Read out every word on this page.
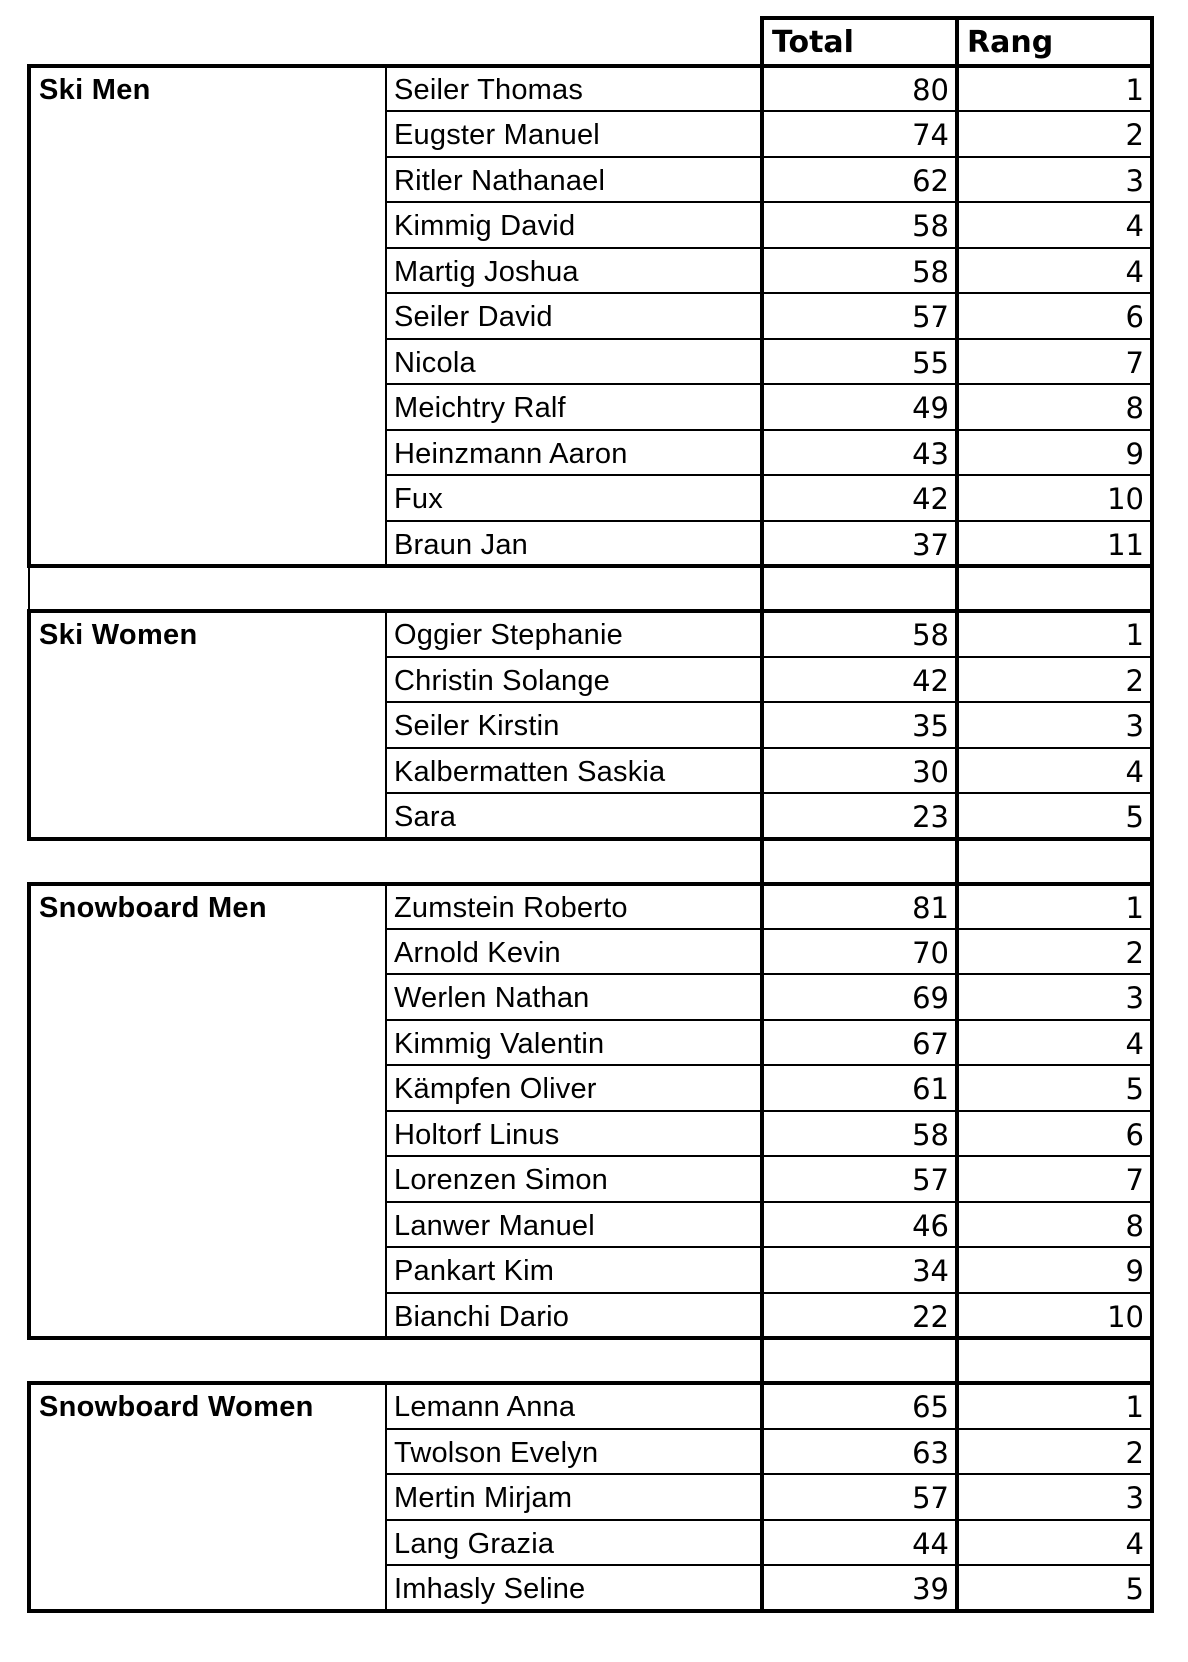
Total	Rang
Ski Men	Seiler Thomas	80	1
Eugster Manuel	74	2
Ritler Nathanael	62	3
Kimmig David	58	4
Martig Joshua	58	4
Seiler David	57	6
Nicola	55	7
Meichtry Ralf	49	8
Heinzmann Aaron	43	9
Fux	42	10
Braun Jan	37	11
Ski Women	Oggier Stephanie	58	1
Christin Solange	42	2
Seiler Kirstin	35	3
Kalbermatten Saskia	30	4
Sara	23	5
Snowboard Men	Zumstein Roberto	81	1
Arnold Kevin	70	2
Werlen Nathan	69	3
Kimmig Valentin	67	4
Kämpfen Oliver	61	5
Holtorf Linus	58	6
Lorenzen Simon	57	7
Lanwer Manuel	46	8
Pankart Kim	34	9
Bianchi Dario	22	10
Snowboard Women	Lemann Anna	65	1
Twolson Evelyn	63	2
Mertin Mirjam	57	3
Lang Grazia	44	4
Imhasly Seline	39	5
